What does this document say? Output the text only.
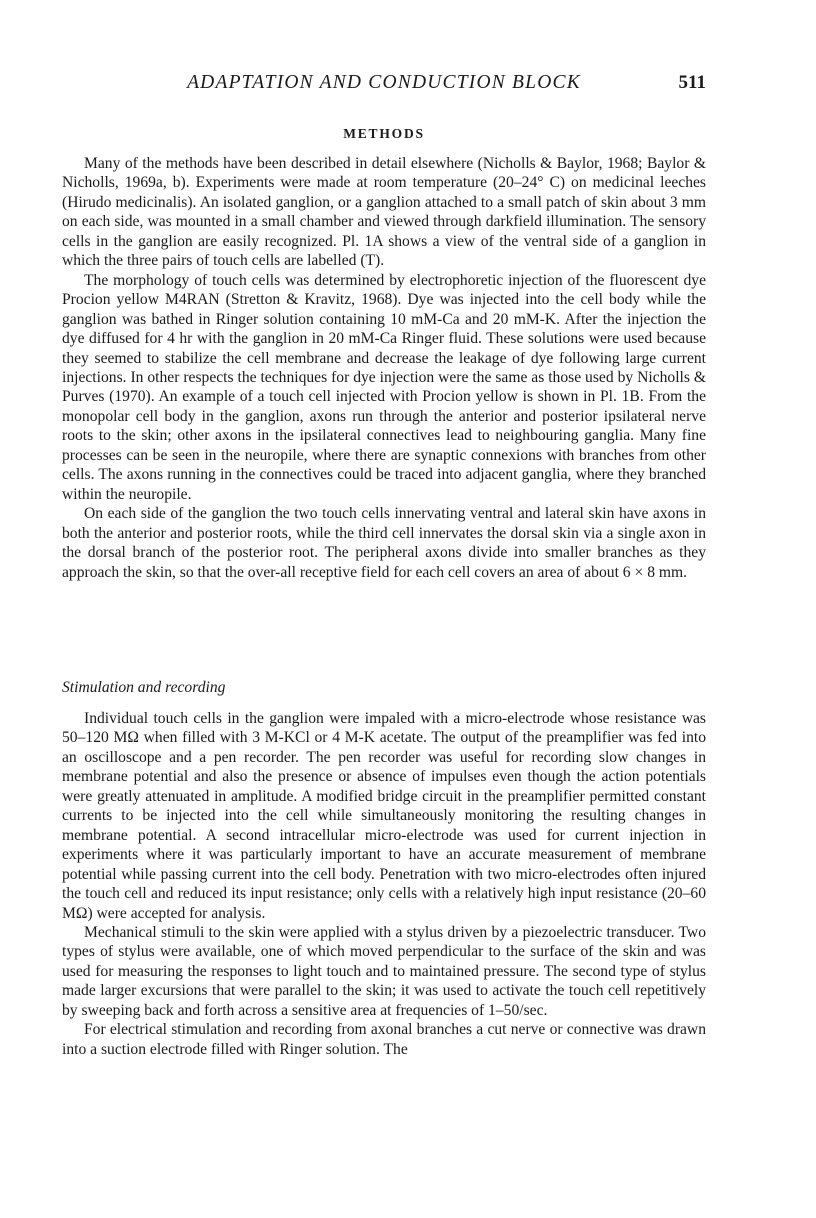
ADAPTATION AND CONDUCTION BLOCK	511
METHODS

Many of the methods have been described in detail elsewhere (Nicholls & Baylor, 1968; Baylor & Nicholls, 1969a, b). Experiments were made at room temperature (20–24° C) on medicinal leeches (Hirudo medicinalis). An isolated ganglion, or a ganglion attached to a small patch of skin about 3 mm on each side, was mounted in a small chamber and viewed through darkfield illumination. The sensory cells in the ganglion are easily recognized. Pl. 1A shows a view of the ventral side of a ganglion in which the three pairs of touch cells are labelled (T).

The morphology of touch cells was determined by electrophoretic injection of the fluorescent dye Procion yellow M4RAN (Stretton & Kravitz, 1968). Dye was injected into the cell body while the ganglion was bathed in Ringer solution containing 10 mM-Ca and 20 mM-K. After the injection the dye diffused for 4 hr with the ganglion in 20 mM-Ca Ringer fluid. These solutions were used because they seemed to stabilize the cell membrane and decrease the leakage of dye following large current injections. In other respects the techniques for dye injection were the same as those used by Nicholls & Purves (1970). An example of a touch cell injected with Procion yellow is shown in Pl. 1B. From the monopolar cell body in the ganglion, axons run through the anterior and posterior ipsilateral nerve roots to the skin; other axons in the ipsilateral connectives lead to neighbouring ganglia. Many fine processes can be seen in the neuropile, where there are synaptic connexions with branches from other cells. The axons running in the connectives could be traced into adjacent ganglia, where they branched within the neuropile.

On each side of the ganglion the two touch cells innervating ventral and lateral skin have axons in both the anterior and posterior roots, while the third cell innervates the dorsal skin via a single axon in the dorsal branch of the posterior root. The peripheral axons divide into smaller branches as they approach the skin, so that the over-all receptive field for each cell covers an area of about 6 × 8 mm.

Stimulation and recording

Individual touch cells in the ganglion were impaled with a micro-electrode whose resistance was 50–120 MΩ when filled with 3 M-KCl or 4 M-K acetate. The output of the preamplifier was fed into an oscilloscope and a pen recorder. The pen recorder was useful for recording slow changes in membrane potential and also the presence or absence of impulses even though the action potentials were greatly attenuated in amplitude. A modified bridge circuit in the preamplifier permitted constant currents to be injected into the cell while simultaneously monitoring the resulting changes in membrane potential. A second intracellular micro-electrode was used for current injection in experiments where it was particularly important to have an accurate measurement of membrane potential while passing current into the cell body. Penetration with two micro-electrodes often injured the touch cell and reduced its input resistance; only cells with a relatively high input resistance (20–60 MΩ) were accepted for analysis.

Mechanical stimuli to the skin were applied with a stylus driven by a piezoelectric transducer. Two types of stylus were available, one of which moved perpendicular to the surface of the skin and was used for measuring the responses to light touch and to maintained pressure. The second type of stylus made larger excursions that were parallel to the skin; it was used to activate the touch cell repetitively by sweeping back and forth across a sensitive area at frequencies of 1–50/sec.

For electrical stimulation and recording from axonal branches a cut nerve or connective was drawn into a suction electrode filled with Ringer solution. The
